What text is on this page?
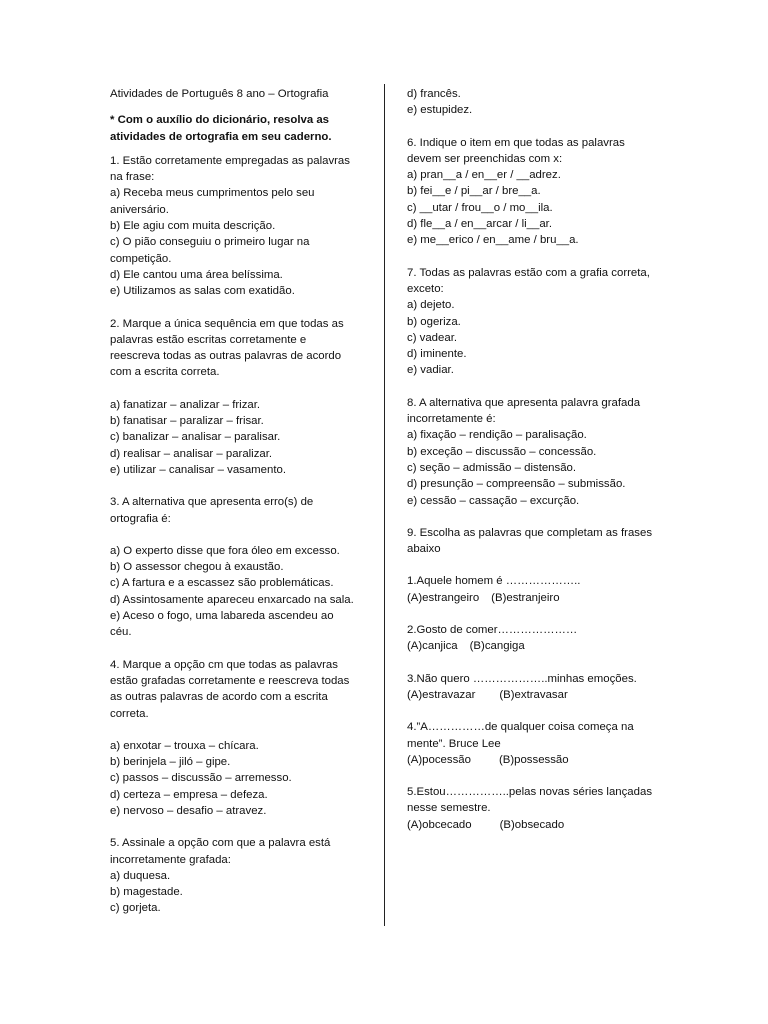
Atividades de Português 8 ano – Ortografia
* Com o auxílio do dicionário, resolva as
atividades de ortografia em seu caderno.
1. Estão corretamente empregadas as palavras
na frase:
a) Receba meus cumprimentos pelo seu
aniversário.
b) Ele agiu com muita descrição.
c) O pião conseguiu o primeiro lugar na
competição.
d) Ele cantou uma área belíssima.
e) Utilizamos as salas com exatidão.
2. Marque a única sequência em que todas as
palavras estão escritas corretamente e
reescreva todas as outras palavras de acordo
com a escrita correta.
a) fanatizar – analizar – frizar.
b) fanatisar – paralizar – frisar.
c) banalizar – analisar – paralisar.
d) realisar – analisar – paralizar.
e) utilizar – canalisar – vasamento.
3. A alternativa que apresenta erro(s) de
ortografia é:
a) O experto disse que fora óleo em excesso.
b) O assessor chegou à exaustão.
c) A fartura e a escassez são problemáticas.
d) Assintosamente apareceu enxarcado na sala.
e) Aceso o fogo, uma labareda ascendeu ao
céu.
4. Marque a opção cm que todas as palavras
estão grafadas corretamente e reescreva todas
as outras palavras de acordo com a escrita
correta.
a) enxotar – trouxa – chícara.
b) berinjela – jiló – gipe.
c) passos – discussão – arremesso.
d) certeza – empresa – defeza.
e) nervoso – desafio – atravez.
5. Assinale a opção com que a palavra está
incorretamente grafada:
a) duquesa.
b) magestade.
c) gorjeta.
d) francês.
e) estupidez.
6. Indique o item em que todas as palavras
devem ser preenchidas com x:
a) pran__a / en__er / __adrez.
b) fei__e / pi__ar / bre__a.
c) __utar / frou__o / mo__ila.
d) fle__a / en__arcar / li__ar.
e) me__erico / en__ame / bru__a.
7. Todas as palavras estão com a grafia correta,
exceto:
a) dejeto.
b) ogeriza.
c) vadear.
d) iminente.
e) vadiar.
8. A alternativa que apresenta palavra grafada
incorretamente é:
a) fixação – rendição – paralisação.
b) exceção – discussão – concessão.
c) seção – admissão – distensão.
d) presunção – compreensão – submissão.
e) cessão – cassação – excurção.
9. Escolha as palavras que completam as frases
abaixo
1.Aquele homem é ………………..
(A)estrangeiro (B)estranjeiro
2.Gosto de comer…………………
(A)canjica (B)cangiga
3.Não quero ………………..minhas emoções.
(A)estravazar (B)extravasar
4.”A……………de qualquer coisa começa na
mente”. Bruce Lee
(A)pocessão (B)possessão
5.Estou……………..pelas novas séries lançadas
nesse semestre.
(A)obcecado (B)obsecado
